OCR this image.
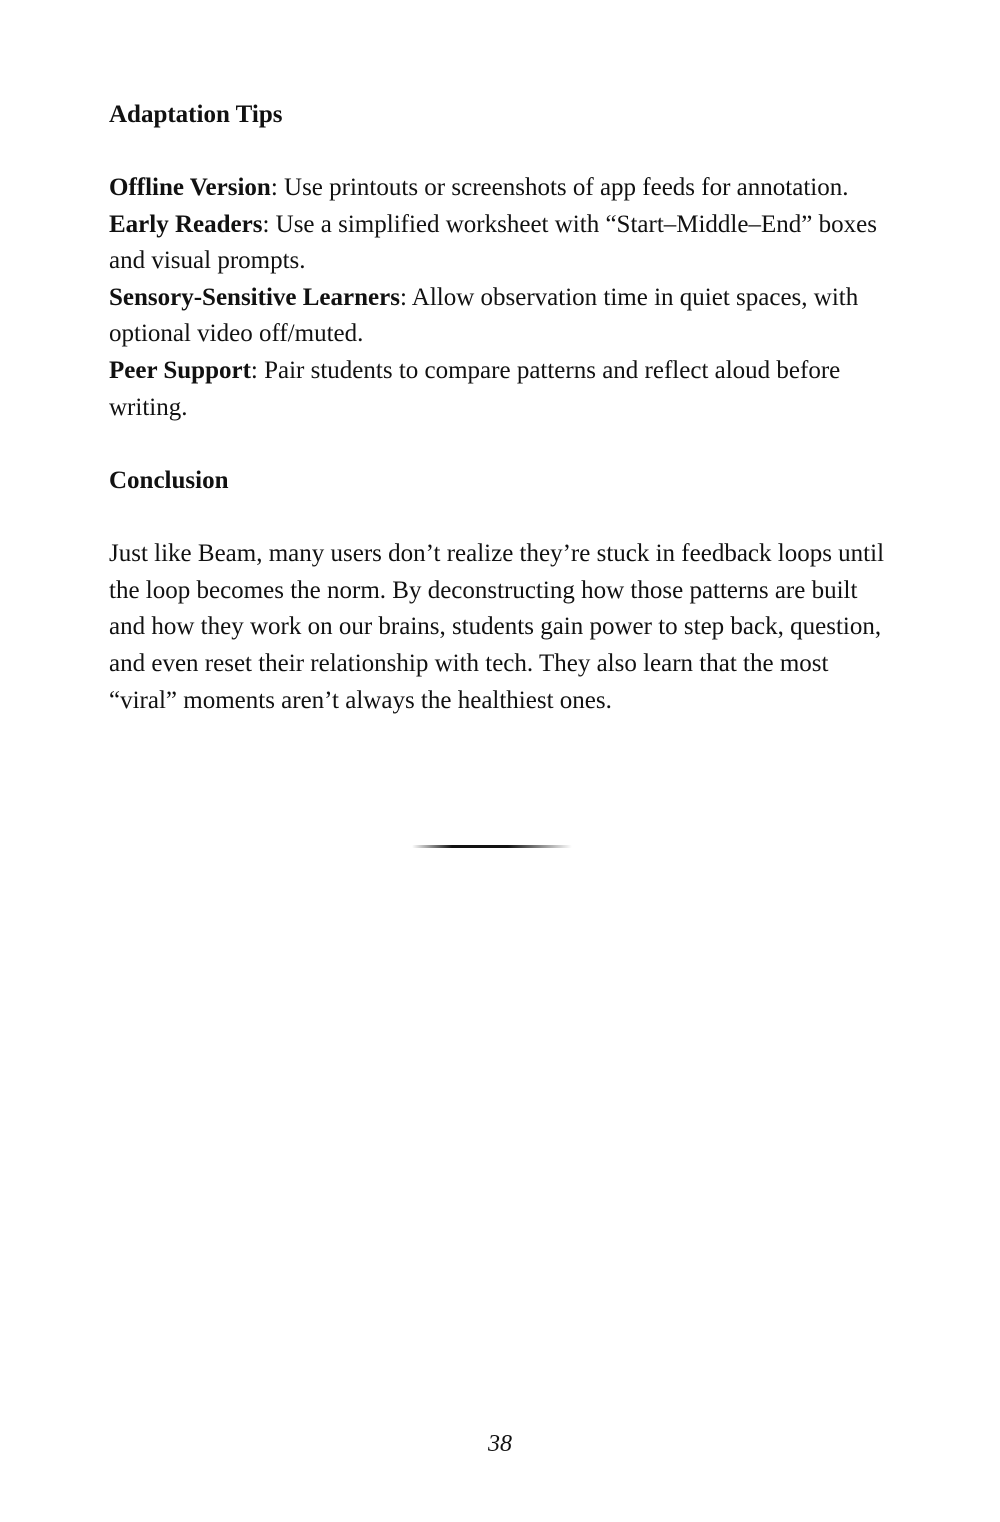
Adaptation Tips

Offline Version: Use printouts or screenshots of app feeds for annotation.

Early Readers: Use a simplified worksheet with “Start–Middle–End” boxes and visual prompts.

Sensory-Sensitive Learners: Allow observation time in quiet spaces, with optional video off/muted.

Peer Support: Pair students to compare patterns and reflect aloud before writing.

Conclusion

Just like Beam, many users don’t realize they’re stuck in feedback loops until the loop becomes the norm. By deconstructing how those patterns are built and how they work on our brains, students gain power to step back, question, and even reset their relationship with tech. They also learn that the most “viral” moments aren’t always the healthiest ones.

38
